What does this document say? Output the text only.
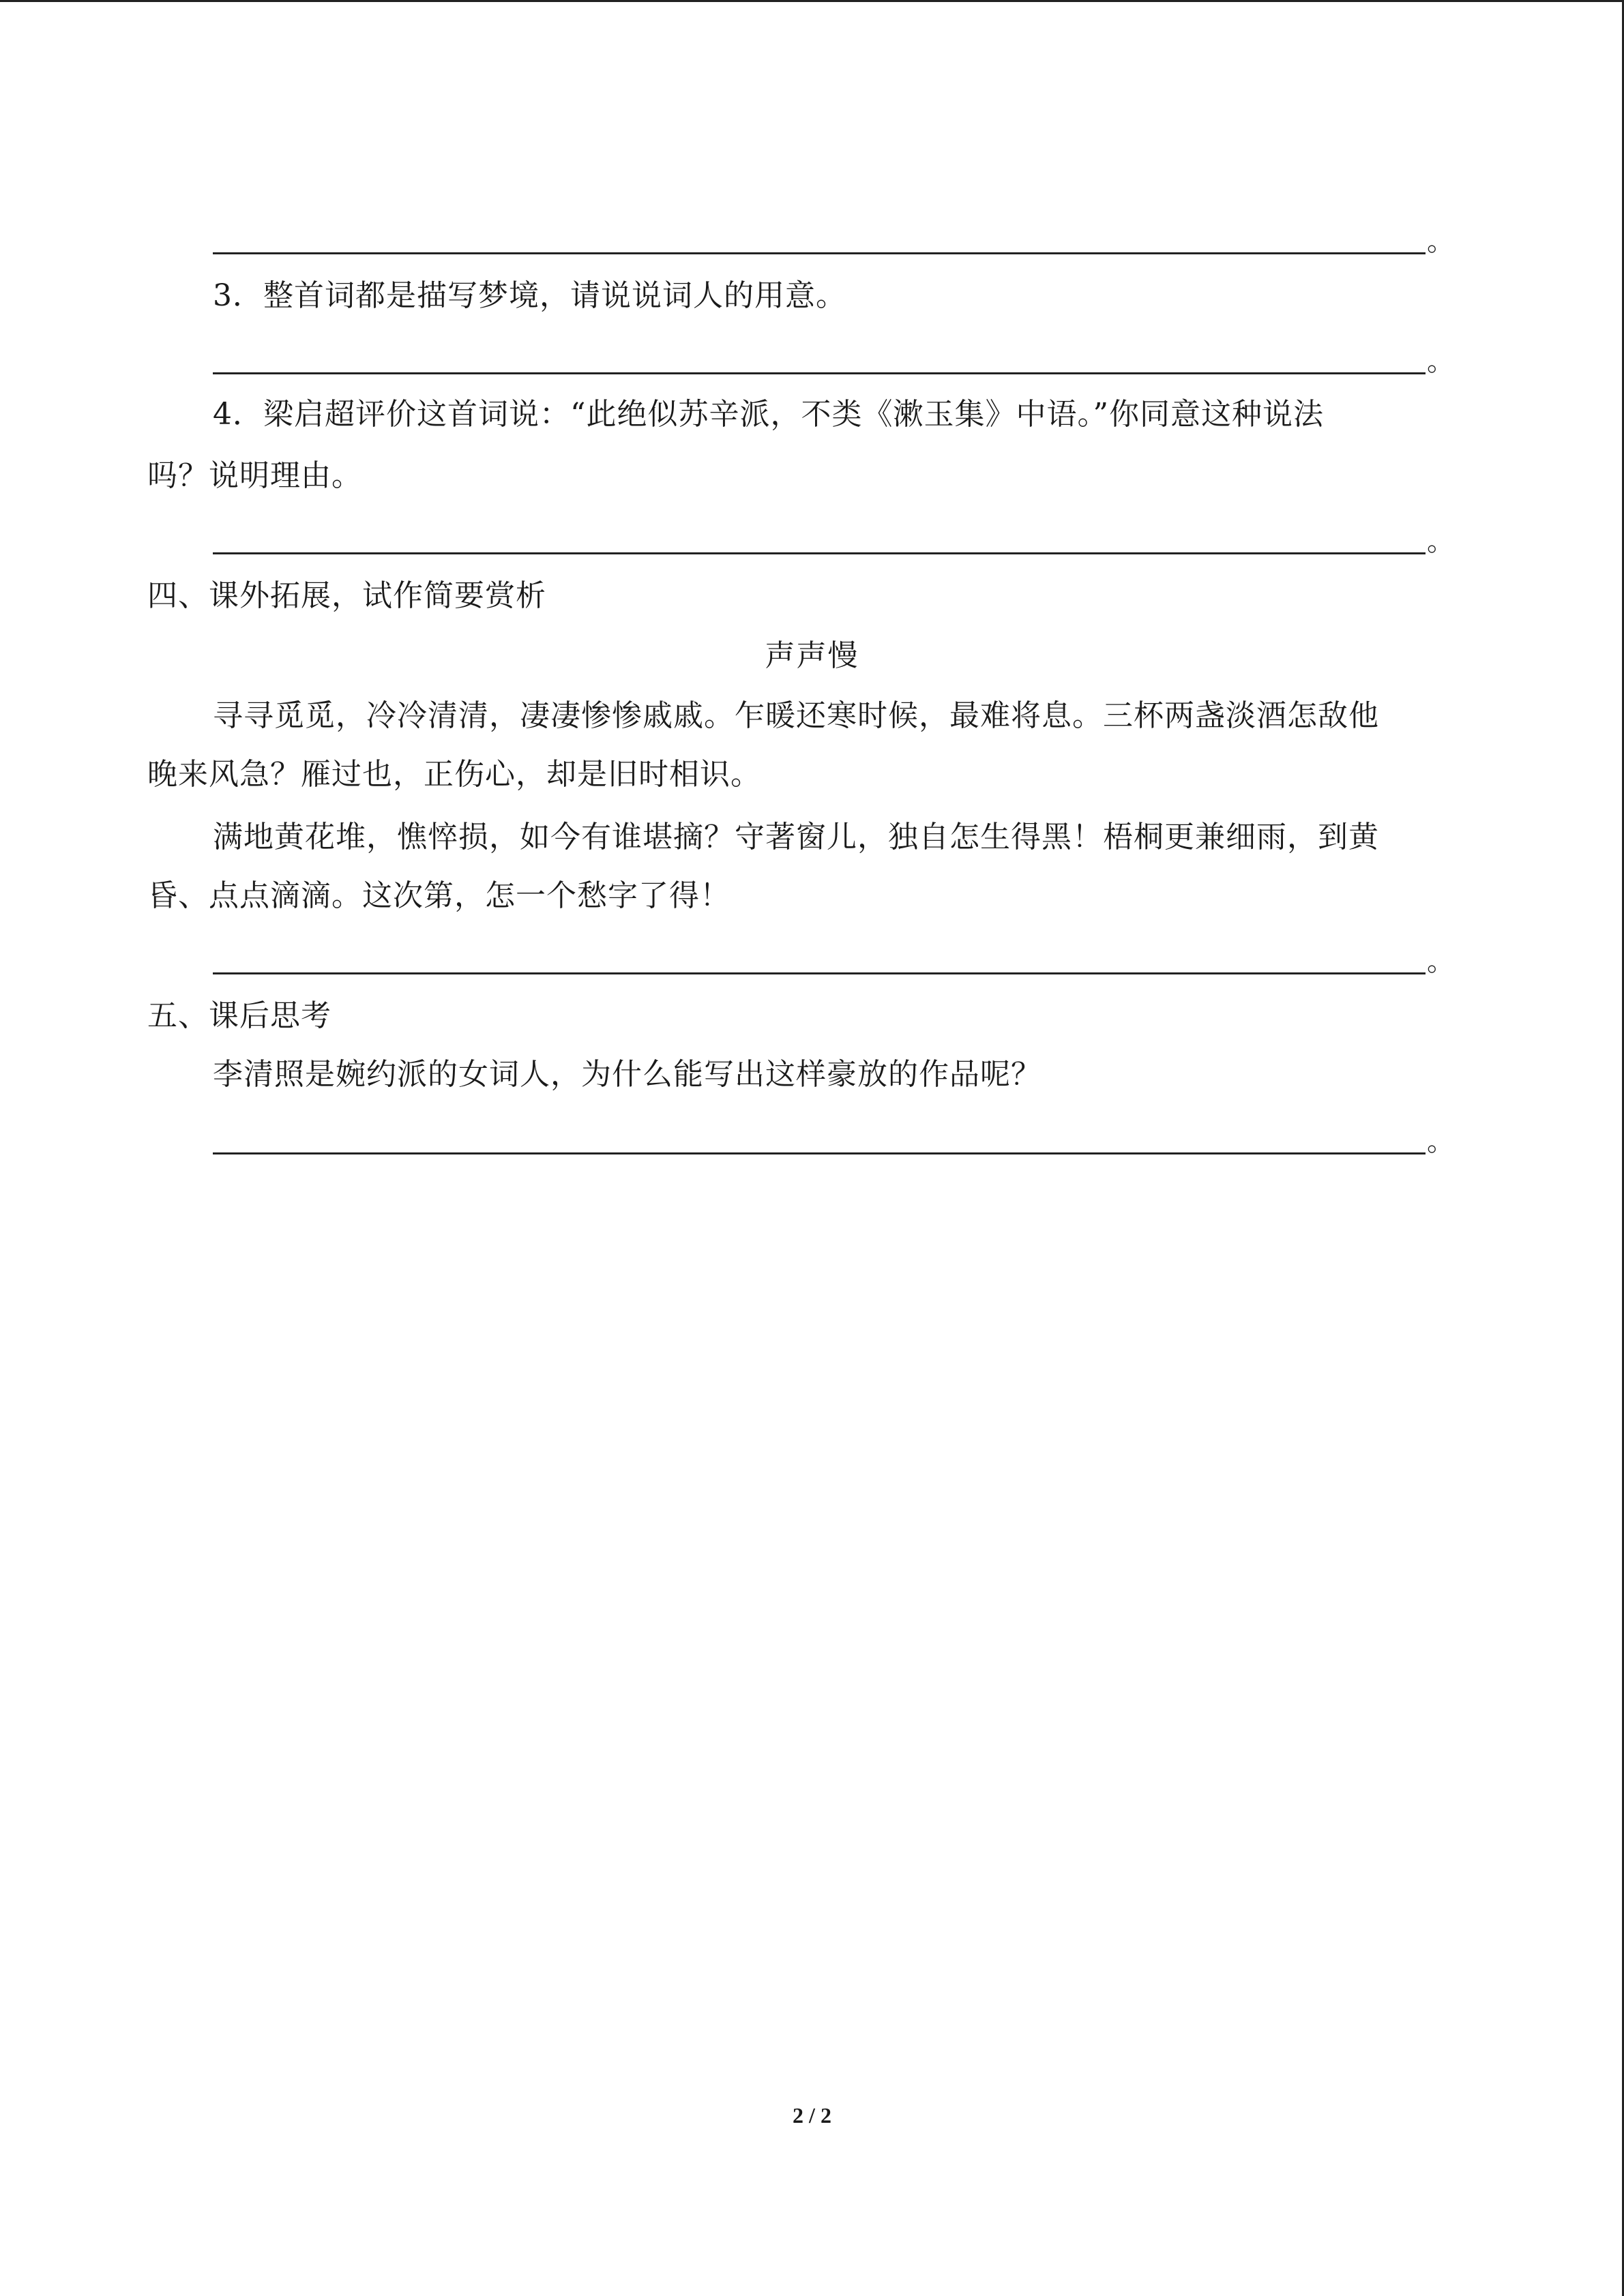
。
3．整首词都是描写梦境，请说说词人的用意。
。
4．梁启超评价这首词说：“此绝似苏辛派，不类《漱玉集》中语。”你同意这种说法
吗？说明理由。
。
四、课外拓展，试作简要赏析
声声慢
寻寻觅觅，冷冷清清，凄凄惨惨戚戚。乍暖还寒时候，最难将息。三杯两盏淡酒怎敌他
晚来风急？雁过也，正伤心，却是旧时相识。
满地黄花堆，憔悴损，如今有谁堪摘？守著窗儿，独自怎生得黑！梧桐更兼细雨，到黄
昏、点点滴滴。这次第，怎一个愁字了得！
。
五、课后思考
李清照是婉约派的女词人，为什么能写出这样豪放的作品呢？
。
2 / 2
